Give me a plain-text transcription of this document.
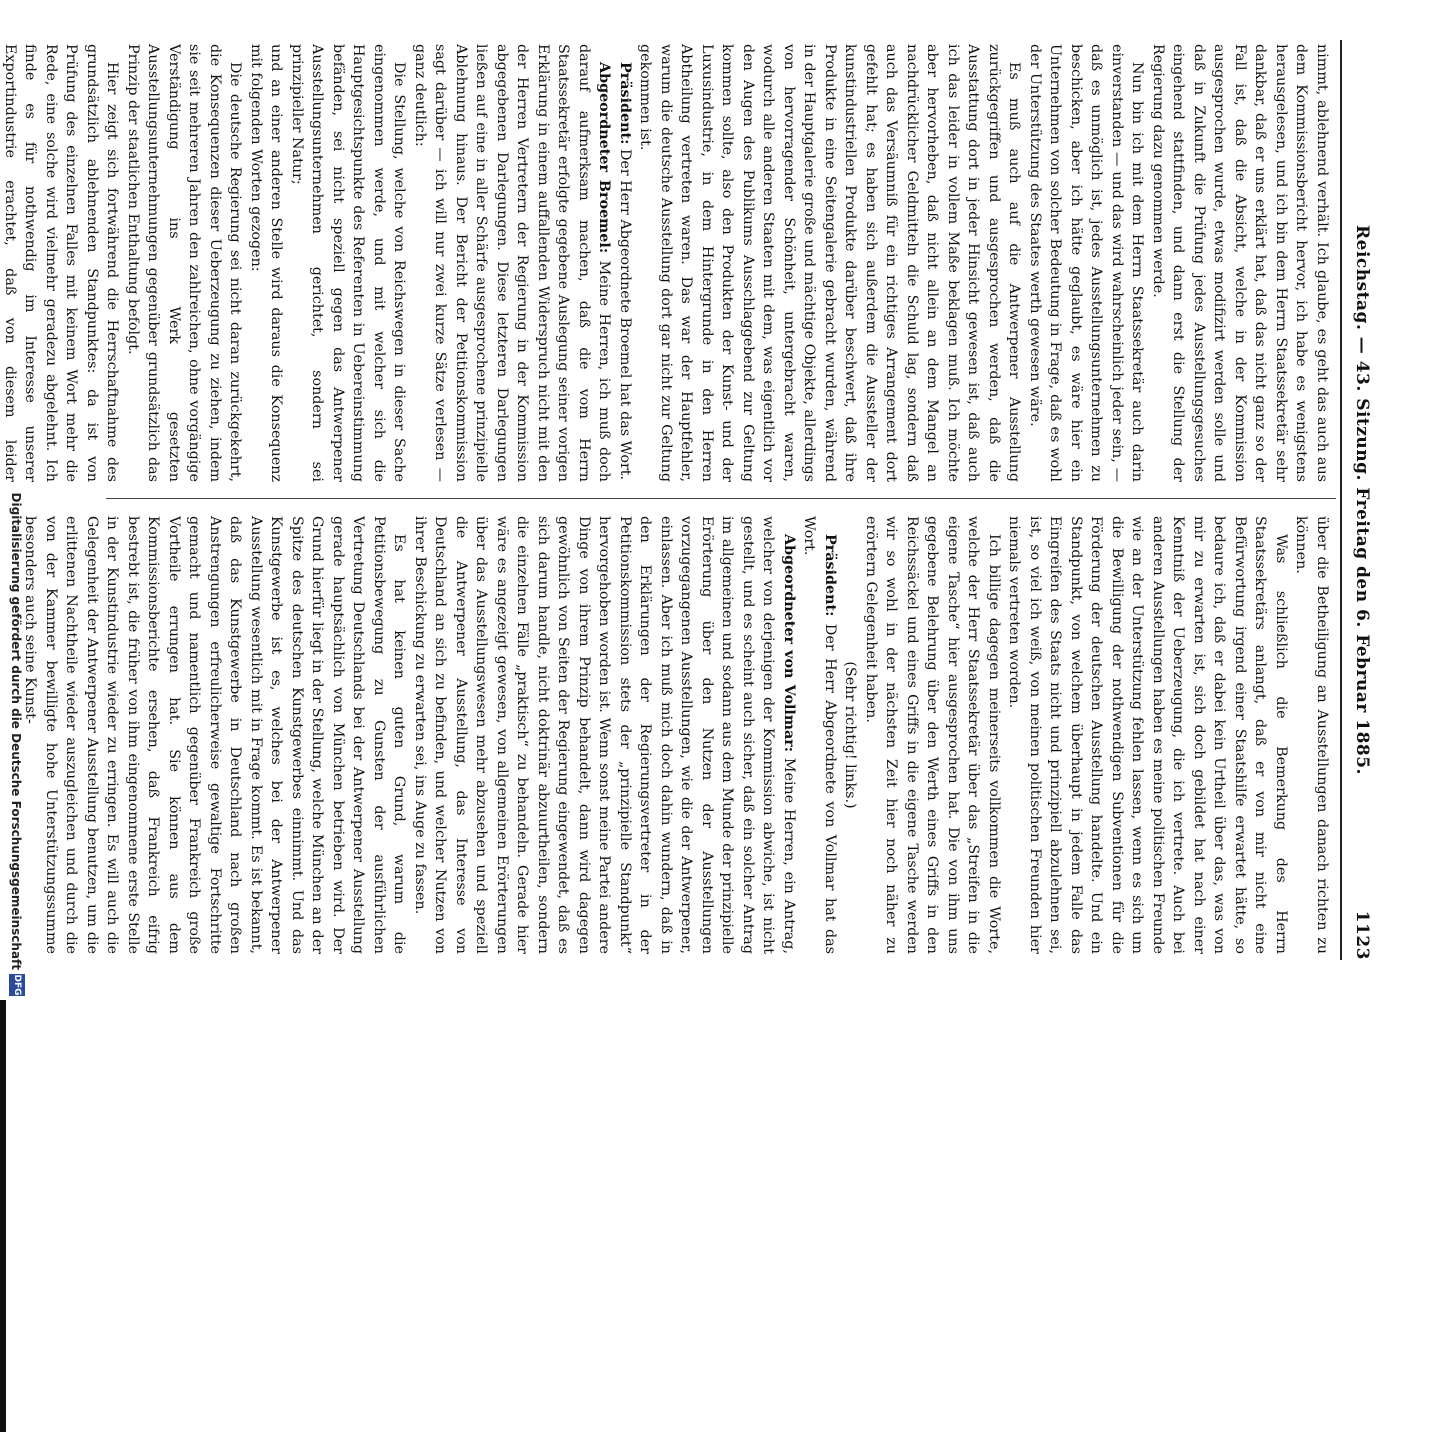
Reichstag. — 43. Sitzung. Freitag den 6. Februar 1885.
1123

nimmt, ablehnend verhält. Ich glaube, es geht das auch aus dem Kommissionsbericht hervor, ich habe es wenigstens herausgelesen, und ich bin dem Herrn Staatssekretär sehr dankbar, daß er uns erklärt hat, daß das nicht ganz so der Fall ist, daß die Absicht, welche in der Kommission ausgesprochen wurde, etwas modifizirt werden solle und daß in Zukunft die Prüfung jedes Ausstellungsgesuches eingehend stattfinden, und dann erst die Stellung der Regierung dazu genommen werde.

Nun bin ich mit dem Herrn Staatssekretär auch darin einverstanden — und das wird wahrscheinlich jeder sein, — daß es unmöglich ist, jedes Ausstellungsunternehmen zu beschicken, aber ich hätte geglaubt, es wäre hier ein Unternehmen von solcher Bedeutung in Frage, daß es wohl der Unterstützung des Staates werth gewesen wäre.

Es muß auch auf die Antwerpener Ausstellung zurückgegriffen und ausgesprochen werden, daß die Ausstattung dort in jeder Hinsicht gewesen ist, daß auch ich das leider in vollem Maße beklagen muß. Ich möchte aber hervorheben, daß nicht allein an dem Mangel an nachdrücklicher Geldmitteln die Schuld lag, sondern daß auch das Versäumniß für ein richtiges Arrangement dort gefehlt hat; es haben sich außerdem die Aussteller der kunstindustriellen Produkte darüber beschwert, daß ihre Produkte in eine Seitengalerie gebracht wurden, während in der Hauptgalerie große und mächtige Objekte, allerdings von hervorragender Schönheit, untergebracht waren, wodurch alle anderen Staaten mit dem, was eigentlich vor den Augen des Publikums Ausschlaggebend zur Geltung kommen sollte, also den Produkten der Kunst- und der Luxusindustrie, in dem Hintergrunde in den Herren Abtheilung vertreten waren. Das war der Hauptfehler, warum die deutsche Ausstellung dort gar nicht zur Geltung gekommen ist.

Präsident: Der Herr Abgeordnete Broemel hat das Wort.

Abgeordneter Broemel: Meine Herren, ich muß doch darauf aufmerksam machen, daß die vom Herrn Staatssekretär erfolgte gegebene Auslegung seiner vorigen Erklärung in einem auffallenden Widerspruch nicht mit den der Herren Vertretern der Regierung in der Kommission abgegebenen Darlegungen. Diese letzteren Darlegungen ließen auf eine in aller Schärfe ausgesprochene prinzipielle Ablehnung hinaus. Der Bericht der Petitionskommission sagt darüber — ich will nur zwei kurze Sätze verlesen — ganz deutlich:

Die Stellung, welche von Reichswegen in dieser Sache eingenommen werde, und mit welcher sich die Hauptgesichtspunkte des Referenten in Uebereinstimmung befänden, sei nicht speziell gegen das Antwerpener Ausstellungsunternehmen gerichtet, sondern sei prinzipieller Natur;

und an einer anderen Stelle wird daraus die Konsequenz mit folgenden Worten gezogen:

Die deutsche Regierung sei nicht daran zurückgekehrt, die Konsequenzen dieser Ueberzeugung zu ziehen, indem sie seit mehreren Jahren den zahlreichen, ohne vorgängige Verständigung ins Werk gesetzten Ausstellungsunternehmungen gegenüber grundsätzlich das Prinzip der staatlichen Enthaltung befolgt.

Hier zeigt sich fortwährend die Herrschaftnahme des grundsätzlich ablehnenden Standpunktes: da ist von Prüfung des einzelnen Falles mit keinem Wort mehr die Rede, eine solche wird vielmehr geradezu abgelehnt. Ich finde es für nothwendig im Interesse unserer Exportindustrie erachtet, daß von diesem leider

über die Betheiligung an Ausstellungen danach richten zu können.

Was schließlich die Bemerkung des Herrn Staatssekretärs anlangt, daß er von mir nicht eine Befürwortung irgend einer Staatshilfe erwartet hätte, so bedaure ich, daß er dabei kein Urtheil über das, was von mir zu erwarten ist, sich doch gebildet hat nach einer Kenntniß der Ueberzeugung, die ich vertrete. Auch bei anderen Ausstellungen haben es meine politischen Freunde wie an der Unterstützung fehlen lassen, wenn es sich um die Bewilligung der nothwendigen Subventionen für die Förderung der deutschen Ausstellung handelte. Und ein Standpunkt, von welchem überhaupt in jedem Falle das Eingreifen des Staats nicht und prinzipiell abzulehnen sei, ist, so viel ich weiß, von meinen politischen Freunden hier niemals vertreten worden.

Ich billige dagegen meinerseits vollkommen die Worte, welche der Herr Staatssekretär über das „Streifen in die eigene Tasche“ hier ausgesprochen hat. Die von ihm uns gegebene Belehrung über den Werth eines Griffs in den Reichssäckel und eines Griffs in die eigene Tasche werden wir so wohl in der nächsten Zeit hier noch näher zu erörtern Gelegenheit haben.

(Sehr richtig! links.)

Präsident: Der Herr Abgeordnete von Vollmar hat das Wort.

Abgeordneter von Vollmar: Meine Herren, ein Antrag, welcher von derjenigen der Kommission abwiche, ist nicht gestellt, und es scheint auch sicher, daß ein solcher Antrag im allgemeinen und sodann aus dem Munde der prinzipielle Erörterung über den Nutzen der Ausstellungen vorzugegangenen Ausstellungen, wie die der Antwerpener, einlassen. Aber ich muß mich doch dahin wundern, daß in den Erklärungen der Regierungsvertreter in der Petitionskommission stets der „prinzipielle Standpunkt“ hervorgehoben worden ist. Wenn sonst meine Partei andere Dinge von ihrem Prinzip behandelt, dann wird dagegen gewöhnlich von Seiten der Regierung eingewendet, daß es sich darum handle, nicht doktrinär abzuurtheilen, sondern die einzelnen Fälle „praktisch“ zu behandeln. Gerade hier wäre es angezeigt gewesen, von allgemeinen Erörterungen über das Ausstellungswesen mehr abzusehen und speziell die Antwerpener Ausstellung, das Interesse von Deutschland an sich zu befinden, und welcher Nutzen von ihrer Beschickung zu erwarten sei, ins Auge zu fassen.

Es hat keinen guten Grund, warum die Petitionsbewegung zu Gunsten der ausführlichen Vertretung Deutschlands bei der Antwerpener Ausstellung gerade hauptsächlich von München betrieben wird. Der Grund hierfür liegt in der Stellung, welche München an der Spitze des deutschen Kunstgewerbes einnimmt. Und das Kunstgewerbe ist es, welches bei der Antwerpener Ausstellung wesentlich mit in Frage kommt. Es ist bekannt, daß das Kunstgewerbe in Deutschland nach großen Anstrengungen erfreulicherweise gewaltige Fortschritte gemacht und namentlich gegenüber Frankreich große Vortheile errungen hat. Sie können aus dem Kommissionsberichte ersehen, daß Frankreich eifrig bestrebt ist, die früher von ihm eingenommene erste Stelle in der Kunstindustrie wieder zu erringen. Es will auch die Gelegenheit der Antwerpener Ausstellung benutzen, um die erlittenen Nachtheile wieder auszugleichen und durch die von der Kammer bewilligte hohe Unterstützungssumme besonders auch seine Kunst-

Digitalisierung gefördert durch die Deutsche Forschungsgemeinschaft
DFG
